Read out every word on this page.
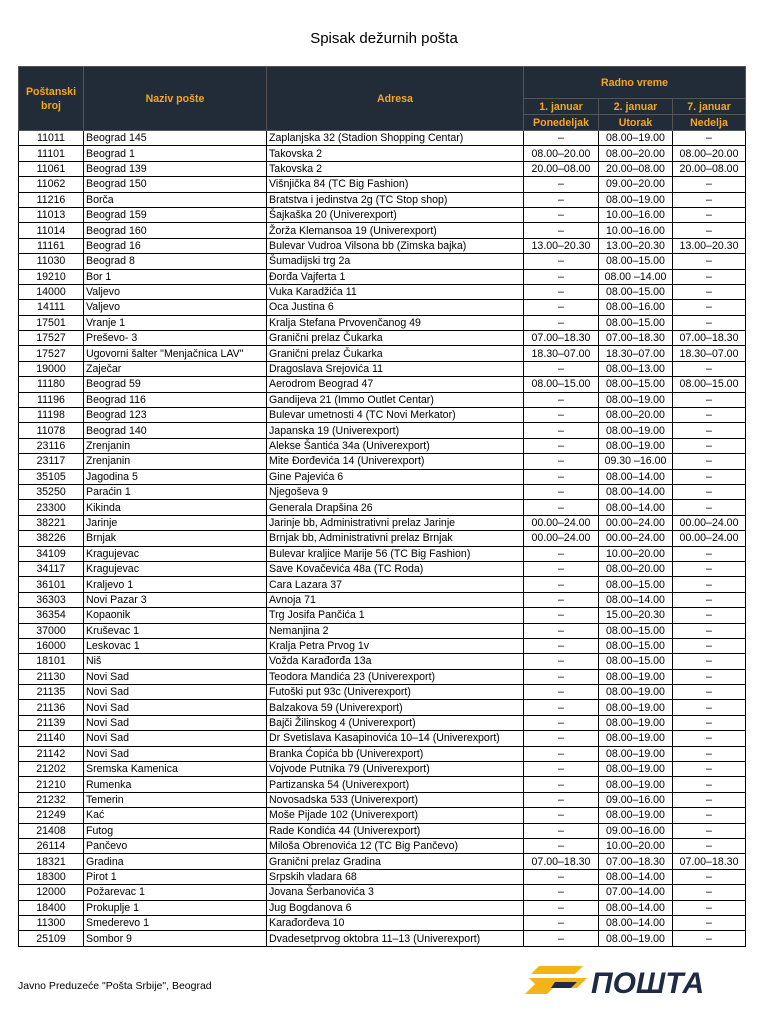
Spisak dežurnih pošta
Poštanski broj	Naziv pošte	Adresa	Radno vreme		
			1. januar	2. januar	7. januar
			Ponedeljak	Utorak	Nedelja
11011	Beograd 145	Zaplanjska 32 (Stadion Shopping Centar)	–	08.00–19.00	–
11101	Beograd 1	Takovska 2	08.00–20.00	08.00–20.00	08.00–20.00
11061	Beograd 139	Takovska 2	20.00–08.00	20.00–08.00	20.00–08.00
11062	Beograd 150	Višnjička 84 (TC Big Fashion)	–	09.00–20.00	–
11216	Borča	Bratstva i jedinstva 2g (TC Stop shop)	–	08.00–19.00	–
11013	Beograd 159	Šajkaška 20 (Univerexport)	–	10.00–16.00	–
11014	Beograd 160	Žorža Klemansoa 19 (Univerexport)	–	10.00–16.00	–
11161	Beograd 16	Bulevar Vudroa Vilsona bb (Zimska bajka)	13.00–20.30	13.00–20.30	13.00–20.30
11030	Beograd 8	Šumadijski trg 2a	–	08.00–15.00	–
19210	Bor 1	Đorđa Vajferta 1	–	08.00 –14.00	–
14000	Valjevo	Vuka Karadžića 11	–	08.00–15.00	–
14111	Valjevo	Oca Justina 6	–	08.00–16.00	–
17501	Vranje 1	Kralja Stefana Prvovenčanog 49	–	08.00–15.00	–
17527	Preševo- 3	Granični prelaz Čukarka	07.00–18.30	07.00–18.30	07.00–18.30
17527	Ugovorni šalter "Menjačnica LAV"	Granični prelaz Čukarka	18.30–07.00	18.30–07.00	18.30–07.00
19000	Zaječar	Dragoslava Srejovića 11	–	08.00–13.00	–
11180	Beograd 59	Aerodrom Beograd 47	08.00–15.00	08.00–15.00	08.00–15.00
11196	Beograd 116	Gandijeva 21 (Immo Outlet Centar)	–	08.00–19.00	–
11198	Beograd 123	Bulevar umetnosti 4 (TC Novi Merkator)	–	08.00–20.00	–
11078	Beograd 140	Japanska 19 (Univerexport)	–	08.00–19.00	–
23116	Zrenjanin	Alekse Šantića 34a (Univerexport)	–	08.00–19.00	–
23117	Zrenjanin	Mite Đorđevića 14 (Univerexport)	–	09.30 –16.00	–
35105	Jagodina 5	Gine Pajevića 6	–	08.00–14.00	–
35250	Paraćin 1	Njegoševa 9	–	08.00–14.00	–
23300	Kikinda	Generala Drapšina 26	–	08.00–14.00	–
38221	Jarinje	Jarinje bb, Administrativni prelaz Jarinje	00.00–24.00	00.00–24.00	00.00–24.00
38226	Brnjak	Brnjak bb, Administrativni prelaz Brnjak	00.00–24.00	00.00–24.00	00.00–24.00
34109	Kragujevac	Bulevar kraljice Marije 56 (TC Big Fashion)	–	10.00–20.00	–
34117	Kragujevac	Save Kovačevića 48a (TC Roda)	–	08.00–20.00	–
36101	Kraljevo 1	Cara Lazara 37	–	08.00–15.00	–
36303	Novi Pazar 3	Avnoja 71	–	08.00–14.00	–
36354	Kopaonik	Trg Josifa Pančića 1	–	15.00–20.30	–
37000	Kruševac 1	Nemanjina 2	–	08.00–15.00	–
16000	Leskovac 1	Kralja Petra Prvog 1v	–	08.00–15.00	–
18101	Niš	Vožda Karađorđa 13a	–	08.00–15.00	–
21130	Novi Sad	Teodora Mandića 23 (Univerexport)	–	08.00–19.00	–
21135	Novi Sad	Futoški put 93c (Univerexport)	–	08.00–19.00	–
21136	Novi Sad	Balzakova 59 (Univerexport)	–	08.00–19.00	–
21139	Novi Sad	Bajči Žilinskog 4 (Univerexport)	–	08.00–19.00	–
21140	Novi Sad	Dr Svetislava Kasapinovića 10–14 (Univerexport)	–	08.00–19.00	–
21142	Novi Sad	Branka Ćopića bb (Univerexport)	–	08.00–19.00	–
21202	Sremska Kamenica	Vojvode Putnika 79 (Univerexport)	–	08.00–19.00	–
21210	Rumenka	Partizanska 54 (Univerexport)	–	08.00–19.00	–
21232	Temerin	Novosadska 533 (Univerexport)	–	09.00–16.00	–
21249	Kać	Moše Pijade 102 (Univerexport)	–	08.00–19.00	–
21408	Futog	Rade Kondića 44 (Univerexport)	–	09.00–16.00	–
26114	Pančevo	Miloša Obrenovića 12 (TC Big Pančevo)	–	10.00–20.00	–
18321	Gradina	Granični prelaz Gradina	07.00–18.30	07.00–18.30	07.00–18.30
18300	Pirot 1	Srpskih vladara 68	–	08.00–14.00	–
12000	Požarevac 1	Jovana Šerbanovića 3	–	07.00–14.00	–
18400	Prokuplje 1	Jug Bogdanova 6	–	08.00–14.00	–
11300	Smederevo 1	Karađorđeva 10	–	08.00–14.00	–
25109	Sombor 9	Dvadesetprvog oktobra 11–13 (Univerexport)	–	08.00–19.00	–
Javno Preduzeće "Pošta Srbije", Beograd	ПОШТА
